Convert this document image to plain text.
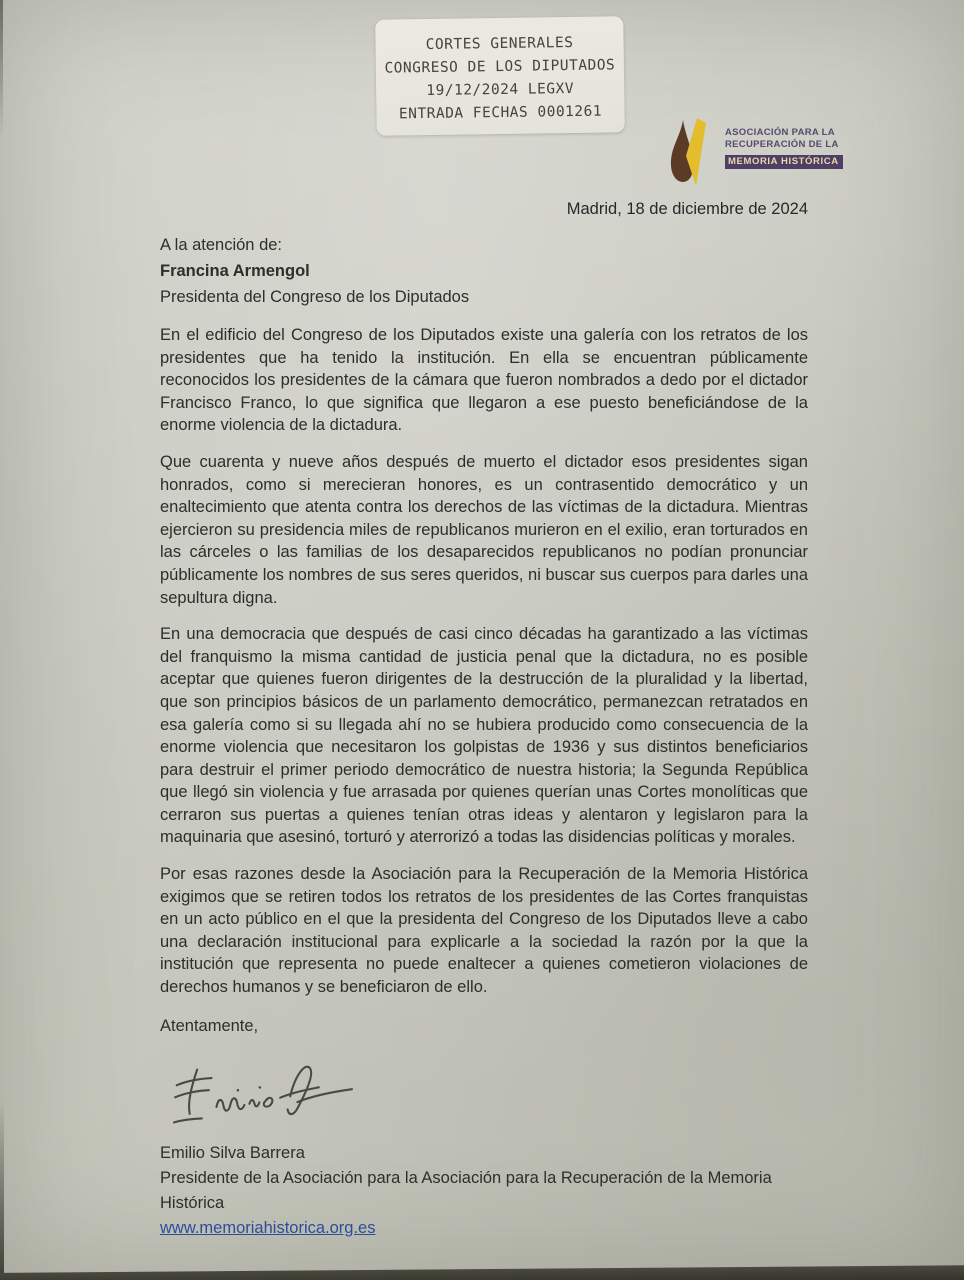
CORTES GENERALES
CONGRESO DE LOS DIPUTADOS
19/12/2024 LEGXV
ENTRADA FECHAS 0001261
ASOCIACIÓN PARA LA
RECUPERACIÓN DE LA
MEMORIA HISTÓRICA
Madrid, 18 de diciembre de 2024
A la atención de:
Francina Armengol
Presidenta del Congreso de los Diputados

En el edificio del Congreso de los Diputados existe una galería con los retratos de los presidentes que ha tenido la institución. En ella se encuentran públicamente reconocidos los presidentes de la cámara que fueron nombrados a dedo por el dictador Francisco Franco, lo que significa que llegaron a ese puesto beneficiándose de la enorme violencia de la dictadura.

Que cuarenta y nueve años después de muerto el dictador esos presidentes sigan honrados, como si merecieran honores, es un contrasentido democrático y un enaltecimiento que atenta contra los derechos de las víctimas de la dictadura. Mientras ejercieron su presidencia miles de republicanos murieron en el exilio, eran torturados en las cárceles o las familias de los desaparecidos republicanos no podían pronunciar públicamente los nombres de sus seres queridos, ni buscar sus cuerpos para darles una sepultura digna.

En una democracia que después de casi cinco décadas ha garantizado a las víctimas del franquismo la misma cantidad de justicia penal que la dictadura, no es posible aceptar que quienes fueron dirigentes de la destrucción de la pluralidad y la libertad, que son principios básicos de un parlamento democrático, permanezcan retratados en esa galería como si su llegada ahí no se hubiera producido como consecuencia de la enorme violencia que necesitaron los golpistas de 1936 y sus distintos beneficiarios para destruir el primer periodo democrático de nuestra historia; la Segunda República que llegó sin violencia y fue arrasada por quienes querían unas Cortes monolíticas que cerraron sus puertas a quienes tenían otras ideas y alentaron y legislaron para la maquinaria que asesinó, torturó y aterrorizó a todas las disidencias políticas y morales.

Por esas razones desde la Asociación para la Recuperación de la Memoria Histórica exigimos que se retiren todos los retratos de los presidentes de las Cortes franquistas en un acto público en el que la presidenta del Congreso de los Diputados lleve a cabo una declaración institucional para explicarle a la sociedad la razón por la que la institución que representa no puede enaltecer a quienes cometieron violaciones de derechos humanos y se beneficiaron de ello.

Atentamente,
Emilio Silva Barrera
Presidente de la Asociación para la Asociación para la Recuperación de la Memoria Histórica
www.memoriahistorica.org.es
